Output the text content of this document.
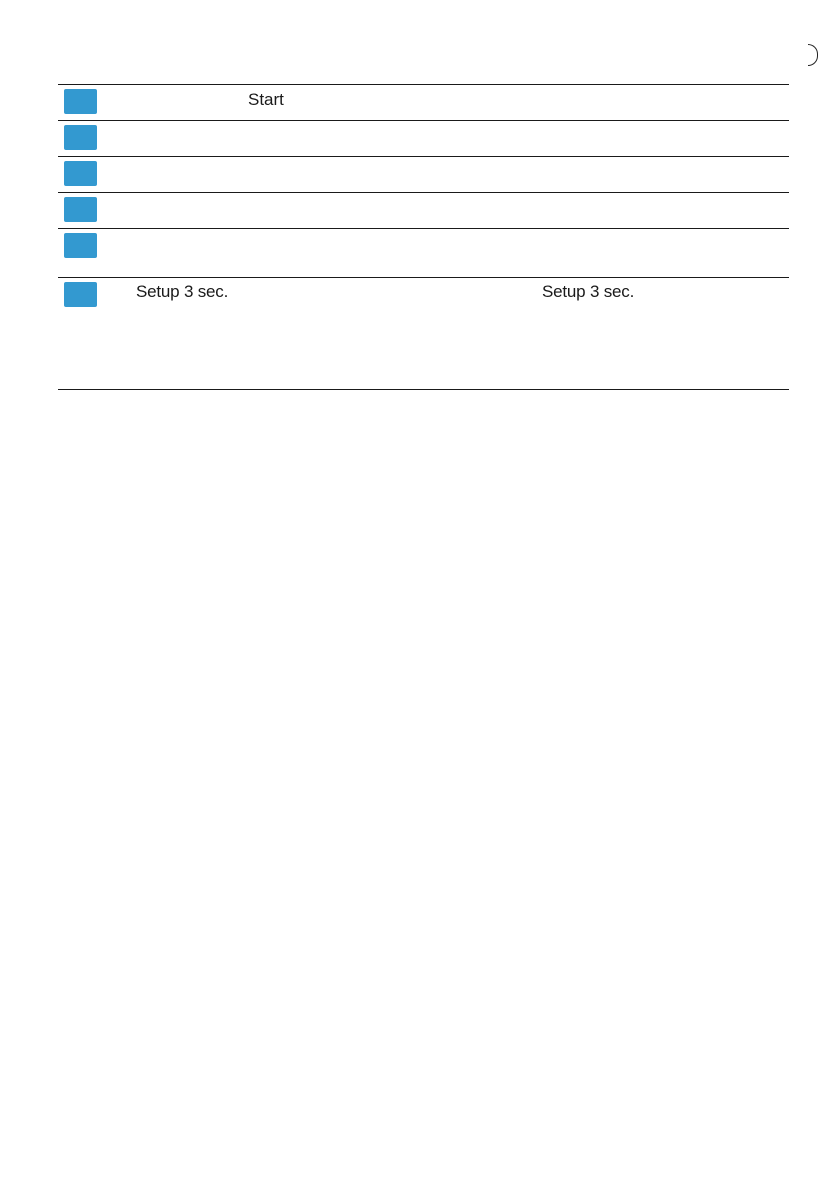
Start
Setup 3 sec.	Setup 3 sec.
